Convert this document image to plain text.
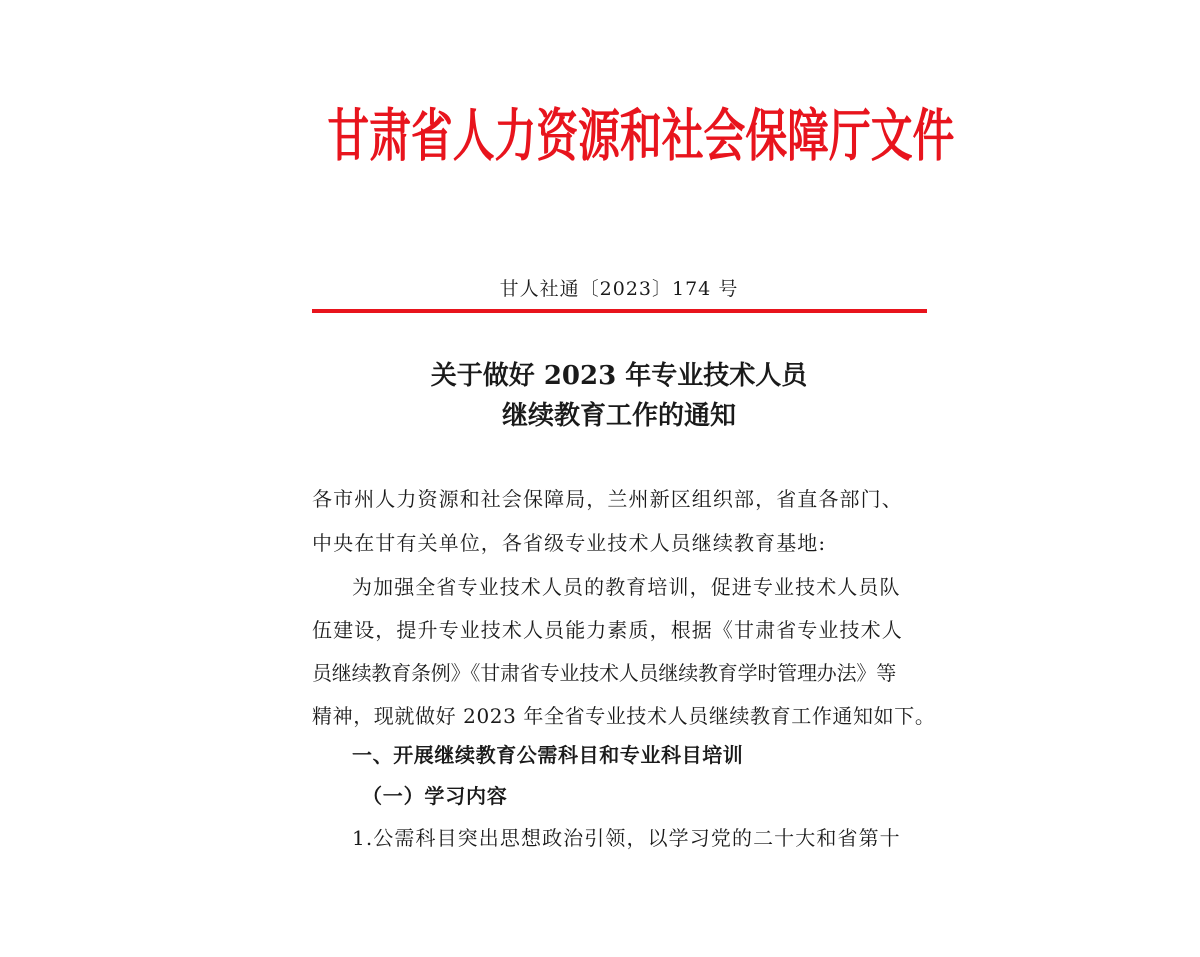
甘肃省人力资源和社会保障厅文件
甘人社通〔2023〕174 号
关于做好 2023 年专业技术人员
继续教育工作的通知
各市州人力资源和社会保障局，兰州新区组织部，省直各部门、
中央在甘有关单位，各省级专业技术人员继续教育基地:
为加强全省专业技术人员的教育培训，促进专业技术人员队
伍建设，提升专业技术人员能力素质，根据《甘肃省专业技术人
员继续教育条例》《甘肃省专业技术人员继续教育学时管理办法》等
精神，现就做好 2023 年全省专业技术人员继续教育工作通知如下。
一、开展继续教育公需科目和专业科目培训
（一）学习内容
1.公需科目突出思想政治引领，以学习党的二十大和省第十
